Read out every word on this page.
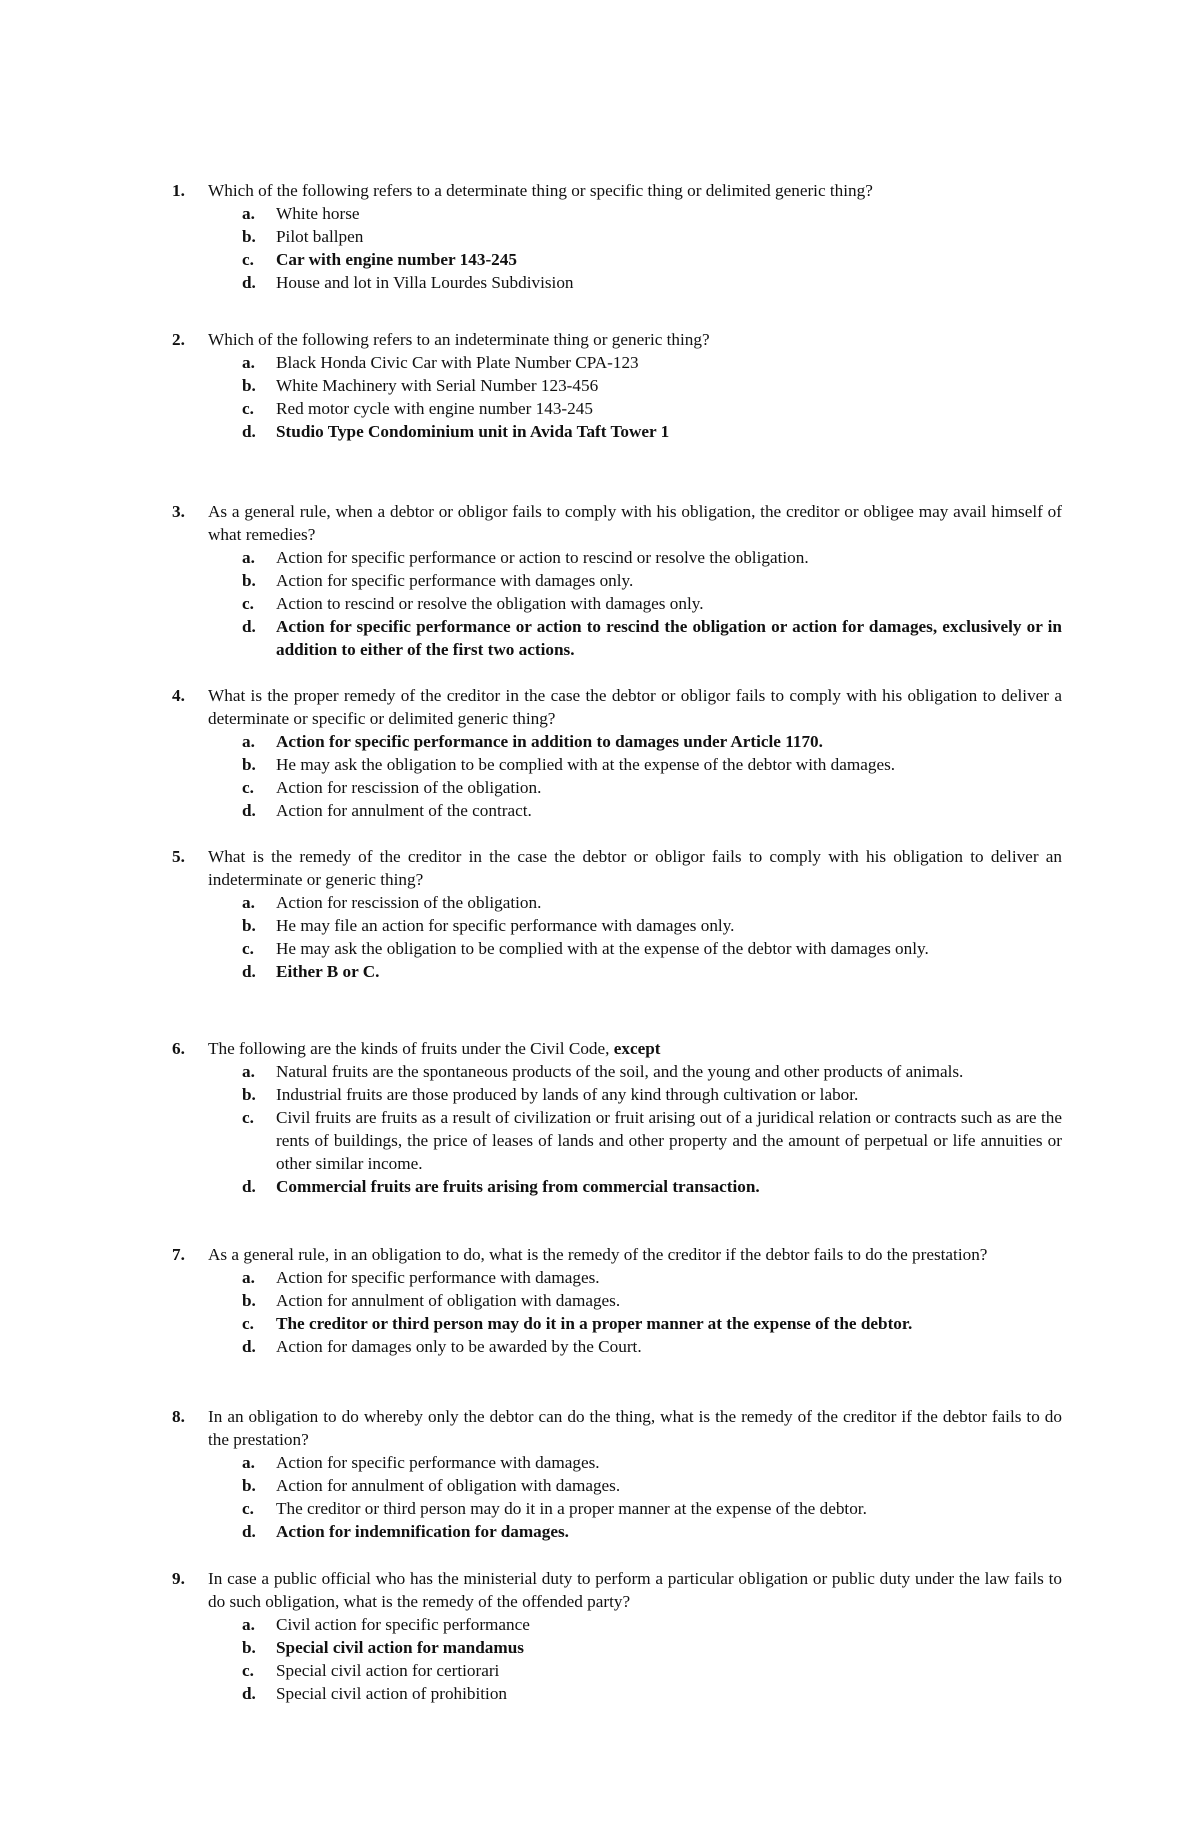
1.	Which of the following refers to a determinate thing or specific thing or delimited generic thing?
a.	White horse
b.	Pilot ballpen
c.	Car with engine number 143-245
d.	House and lot in Villa Lourdes Subdivision
2.	Which of the following refers to an indeterminate thing or generic thing?
a.	Black Honda Civic Car with Plate Number CPA-123
b.	White Machinery with Serial Number 123-456
c.	Red motor cycle with engine number 143-245
d.	Studio Type Condominium unit in Avida Taft Tower 1
3.	As a general rule, when a debtor or obligor fails to comply with his obligation, the creditor or obligee may avail himself of what remedies?
a.	Action for specific performance or action to rescind or resolve the obligation.
b.	Action for specific performance with damages only.
c.	Action to rescind or resolve the obligation with damages only.
d.	Action for specific performance or action to rescind the obligation or action for damages, exclusively or in addition to either of the first two actions.
4.	What is the proper remedy of the creditor in the case the debtor or obligor fails to comply with his obligation to deliver a determinate or specific or delimited generic thing?
a.	Action for specific performance in addition to damages under Article 1170.
b.	He may ask the obligation to be complied with at the expense of the debtor with damages.
c.	Action for rescission of the obligation.
d.	Action for annulment of the contract.
5.	What is the remedy of the creditor in the case the debtor or obligor fails to comply with his obligation to deliver an indeterminate or generic thing?
a.	Action for rescission of the obligation.
b.	He may file an action for specific performance with damages only.
c.	He may ask the obligation to be complied with at the expense of the debtor with damages only.
d.	Either B or C.
6.	The following are the kinds of fruits under the Civil Code, except
a.	Natural fruits are the spontaneous products of the soil, and the young and other products of animals.
b.	Industrial fruits are those produced by lands of any kind through cultivation or labor.
c.	Civil fruits are fruits as a result of civilization or fruit arising out of a juridical relation or contracts such as are the rents of buildings, the price of leases of lands and other property and the amount of perpetual or life annuities or other similar income.
d.	Commercial fruits are fruits arising from commercial transaction.
7.	As a general rule, in an obligation to do, what is the remedy of the creditor if the debtor fails to do the prestation?
a.	Action for specific performance with damages.
b.	Action for annulment of obligation with damages.
c.	The creditor or third person may do it in a proper manner at the expense of the debtor.
d.	Action for damages only to be awarded by the Court.
8.	In an obligation to do whereby only the debtor can do the thing, what is the remedy of the creditor if the debtor fails to do the prestation?
a.	Action for specific performance with damages.
b.	Action for annulment of obligation with damages.
c.	The creditor or third person may do it in a proper manner at the expense of the debtor.
d.	Action for indemnification for damages.
9.	In case a public official who has the ministerial duty to perform a particular obligation or public duty under the law fails to do such obligation, what is the remedy of the offended party?
a.	Civil action for specific performance
b.	Special civil action for mandamus
c.	Special civil action for certiorari
d.	Special civil action of prohibition
